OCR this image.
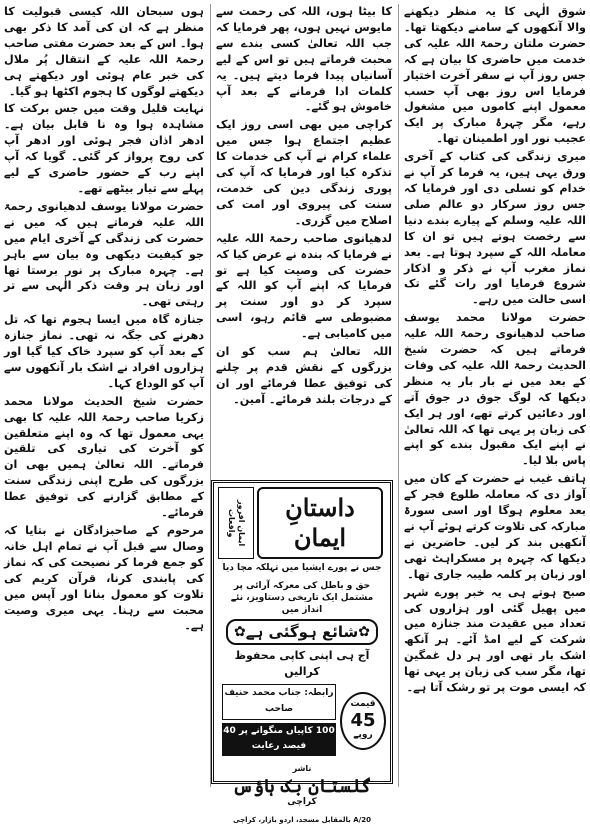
شوق الٰہی کا یہ منظر دیکھنے والا آنکھوں کے سامنے دیکھتا تھا۔ حضرت ملتان رحمۃ اللہ علیہ کی خدمت میں حاضری کا بیان ہے کہ جس روز آپ نے سفر آخرت اختیار فرمایا اس روز بھی آپ حسب معمول اپنے کاموں میں مشغول رہے، مگر چہرۂ مبارک پر ایک عجیب نور اور اطمینان تھا۔

میری زندگی کی کتاب کے آخری ورق یہی ہیں، یہ فرما کر آپ نے خدام کو تسلی دی اور فرمایا کہ جس روز سرکار دو عالم صلی اللہ علیہ وسلم کے پیارے بندے دنیا سے رخصت ہوتے ہیں تو ان کا معاملہ اللہ کے سپرد ہوتا ہے۔ بعد نماز مغرب آپ نے ذکر و اذکار شروع فرمایا اور رات گئے تک اسی حالت میں رہے۔

حضرت مولانا محمد یوسف صاحب لدھیانوی رحمۃ اللہ علیہ فرماتے ہیں کہ حضرت شیخ الحدیث رحمۃ اللہ علیہ کی وفات کے بعد میں نے بار بار یہ منظر دیکھا کہ لوگ جوق در جوق آتے اور دعائیں کرتے تھے، اور ہر ایک کی زبان پر یہی تھا کہ اللہ تعالیٰ نے اپنے ایک مقبول بندے کو اپنے پاس بلا لیا۔

ہاتف غیب نے حضرت کے کان میں آواز دی کہ معاملہ طلوع فجر کے بعد معلوم ہوگا اور اسی سورۃ مبارکہ کی تلاوت کرتے ہوئے آپ نے آنکھیں بند کر لیں۔ حاضرین نے دیکھا کہ چہرہ پر مسکراہٹ تھی اور زبان پر کلمہ طیبہ جاری تھا۔

صبح ہوتے ہی یہ خبر پورے شہر میں پھیل گئی اور ہزاروں کی تعداد میں عقیدت مند جنازہ میں شرکت کے لیے امڈ آئے۔ ہر آنکھ اشک بار تھی اور ہر دل غمگین تھا، مگر سب کی زبان پر یہی تھا کہ ایسی موت پر تو رشک آتا ہے۔

کا بیٹا ہوں، اللہ کی رحمت سے مایوس نہیں ہوں، پھر فرمایا کہ جب اللہ تعالیٰ کسی بندے سے محبت فرماتے ہیں تو اس کے لیے آسانیاں پیدا فرما دیتے ہیں۔ یہ کلمات ادا فرمانے کے بعد آپ خاموش ہو گئے۔

کراچی میں بھی اسی روز ایک عظیم اجتماع ہوا جس میں علماء کرام نے آپ کی خدمات کا تذکرہ کیا اور فرمایا کہ آپ کی پوری زندگی دین کی خدمت، سنت کی پیروی اور امت کی اصلاح میں گزری۔

لدھیانوی صاحب رحمۃ اللہ علیہ نے فرمایا کہ بندہ نے عرض کیا کہ حضرت کی وصیت کیا ہے تو فرمایا کہ اپنے آپ کو اللہ کے سپرد کر دو اور سنت پر مضبوطی سے قائم رہو، اسی میں کامیابی ہے۔

اللہ تعالیٰ ہم سب کو ان بزرگوں کے نقش قدم پر چلنے کی توفیق عطا فرمائے اور ان کے درجات بلند فرمائے۔ آمین۔

ایمان افروز واقعات
داستانِ ایمان
جس نے پورے ایشیا میں تہلکہ مچا دیا
حق و باطل کی معرکہ آرائی پر مشتمل ایک تاریخی دستاویز، نئے انداز میں
✿
شائع ہوگئی ہے
✿
آج ہی اپنی کاپی محفوظ کرالیں
رابطہ: جناب محمد حنیف صاحب
100 کاپیاں منگوانے پر 40 فیصد رعایت
قیمت
45
روپے
ناشر
گلستان بک ہاؤس
کراچی
20/A بالمقابل مسجد، اردو بازار، کراچی

ہوں سبحان اللہ کیسی قبولیت کا منظر ہے کہ ان کی آمد کا ذکر بھی ہوا۔ اس کے بعد حضرت مفتی صاحب رحمۃ اللہ علیہ کے انتقال پُر ملال کی خبر عام ہوئی اور دیکھتے ہی دیکھتے لوگوں کا ہجوم اکٹھا ہو گیا۔

نہایت قلیل وقت میں جس برکت کا مشاہدہ ہوا وہ نا قابل بیان ہے۔ ادھر اذان فجر ہوئی اور ادھر آپ کی روح پرواز کر گئی۔ گویا کہ آپ اپنے رب کے حضور حاضری کے لیے پہلے سے تیار بیٹھے تھے۔

حضرت مولانا یوسف لدھیانوی رحمۃ اللہ علیہ فرماتے ہیں کہ میں نے حضرت کی زندگی کے آخری ایام میں جو کیفیت دیکھی وہ بیان سے باہر ہے۔ چہرہ مبارک پر نور برستا تھا اور زبان ہر وقت ذکر الٰہی سے تر رہتی تھی۔

جنازہ گاہ میں ایسا ہجوم تھا کہ تل دھرنے کی جگہ نہ تھی۔ نماز جنازہ کے بعد آپ کو سپرد خاک کیا گیا اور ہزاروں افراد نے اشک بار آنکھوں سے آپ کو الوداع کہا۔

حضرت شیخ الحدیث مولانا محمد زکریا صاحب رحمۃ اللہ علیہ کا بھی یہی معمول تھا کہ وہ اپنے متعلقین کو آخرت کی تیاری کی تلقین فرماتے۔ اللہ تعالیٰ ہمیں بھی ان بزرگوں کی طرح اپنی زندگی سنت کے مطابق گزارنے کی توفیق عطا فرمائے۔

مرحوم کے صاحبزادگان نے بتایا کہ وصال سے قبل آپ نے تمام اہل خانہ کو جمع فرما کر نصیحت کی کہ نماز کی پابندی کرنا، قرآن کریم کی تلاوت کو معمول بنانا اور آپس میں محبت سے رہنا۔ یہی میری وصیت ہے۔
